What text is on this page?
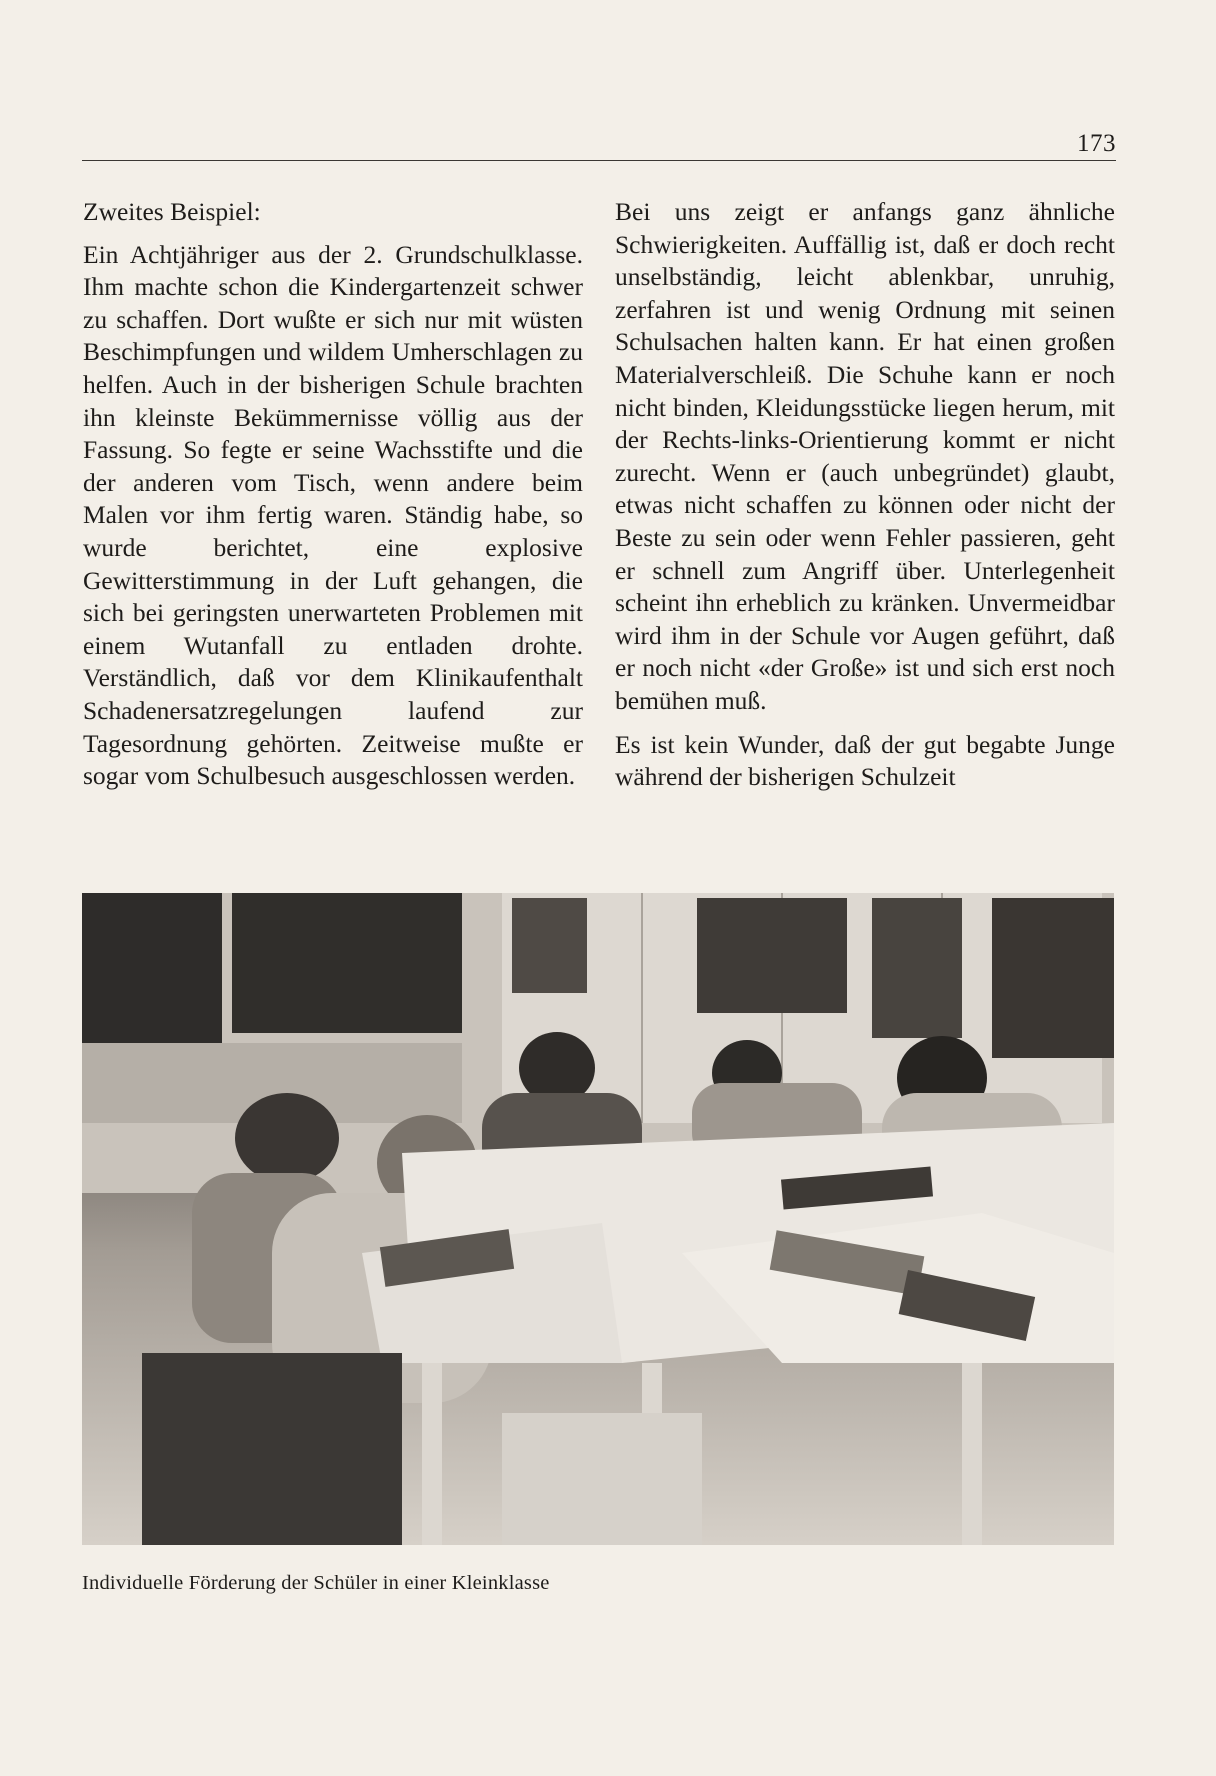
173

Zweites Beispiel:

Ein Achtjähriger aus der 2. Grundschulklasse. Ihm machte schon die Kindergartenzeit schwer zu schaffen. Dort wußte er sich nur mit wüsten Beschimpfungen und wildem Umherschlagen zu helfen. Auch in der bisherigen Schule brachten ihn kleinste Bekümmernisse völlig aus der Fassung. So fegte er seine Wachsstifte und die der anderen vom Tisch, wenn andere beim Malen vor ihm fertig waren. Ständig habe, so wurde berichtet, eine explosive Gewitterstimmung in der Luft gehangen, die sich bei geringsten unerwarteten Problemen mit einem Wutanfall zu entladen drohte. Verständlich, daß vor dem Klinikaufenthalt Schadenersatzregelungen laufend zur Tagesordnung gehörten. Zeitweise mußte er sogar vom Schulbesuch ausgeschlossen werden.

Bei uns zeigt er anfangs ganz ähnliche Schwierigkeiten. Auffällig ist, daß er doch recht unselbständig, leicht ablenkbar, unruhig, zerfahren ist und wenig Ordnung mit seinen Schulsachen halten kann. Er hat einen großen Materialverschleiß. Die Schuhe kann er noch nicht binden, Kleidungsstücke liegen herum, mit der Rechts-links-Orientierung kommt er nicht zurecht. Wenn er (auch unbegründet) glaubt, etwas nicht schaffen zu können oder nicht der Beste zu sein oder wenn Fehler passieren, geht er schnell zum Angriff über. Unterlegenheit scheint ihn erheblich zu kränken. Unvermeidbar wird ihm in der Schule vor Augen geführt, daß er noch nicht «der Große» ist und sich erst noch bemühen muß.

Es ist kein Wunder, daß der gut begabte Junge während der bisherigen Schulzeit

Individuelle Förderung der Schüler in einer Kleinklasse
